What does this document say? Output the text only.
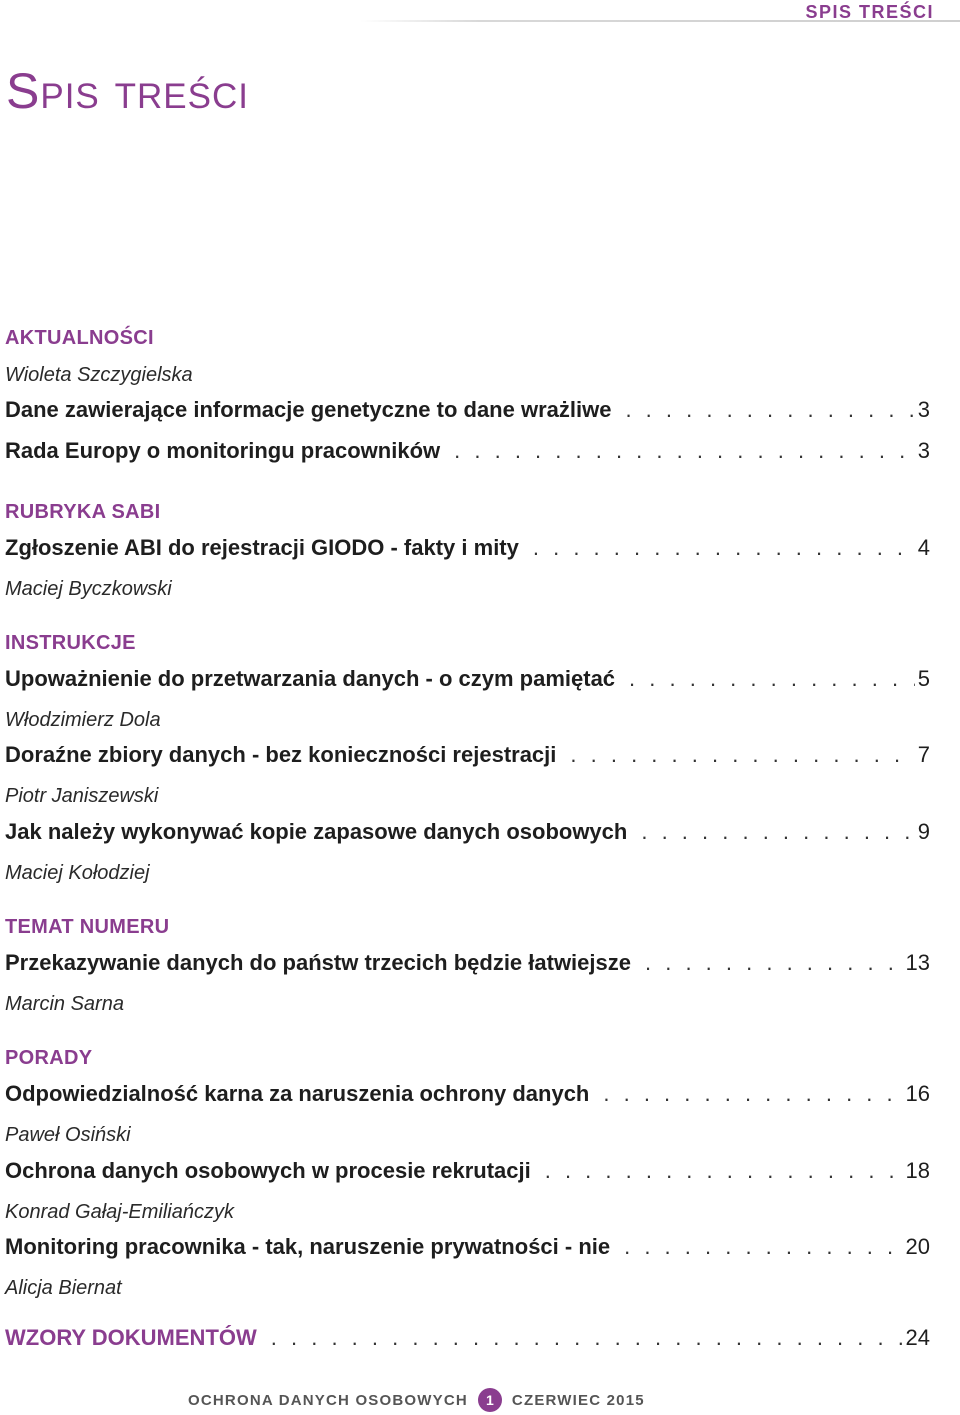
SPIS TREŚCI
Spis treści
AKTUALNOŚCI
Wioleta Szczygielska
Dane zawierające informacje genetyczne to dane wrażliwe . . .	3
Rada Europy o monitoringu pracowników . . .	3
RUBRYKA SABI
Zgłoszenie ABI do rejestracji GIODO - fakty i mity . . .	4
Maciej Byczkowski
INSTRUKCJE
Upoważnienie do przetwarzania danych - o czym pamiętać . . .	5
Włodzimierz Dola
Doraźne zbiory danych - bez konieczności rejestracji . . .	7
Piotr Janiszewski
Jak należy wykonywać kopie zapasowe danych osobowych . . .	9
Maciej Kołodziej
TEMAT NUMERU
Przekazywanie danych do państw trzecich będzie łatwiejsze . . .	13
Marcin Sarna
PORADY
Odpowiedzialność karna za naruszenia ochrony danych . . .	16
Paweł Osiński
Ochrona danych osobowych w procesie rekrutacji . . .	18
Konrad Gałaj-Emiliańczyk
Monitoring pracownika - tak, naruszenie prywatności - nie . . .	20
Alicja Biernat
WZORY DOKUMENTÓW . . .	24
OCHRONA DANYCH OSOBOWYCH	1	CZERWIEC 2015
